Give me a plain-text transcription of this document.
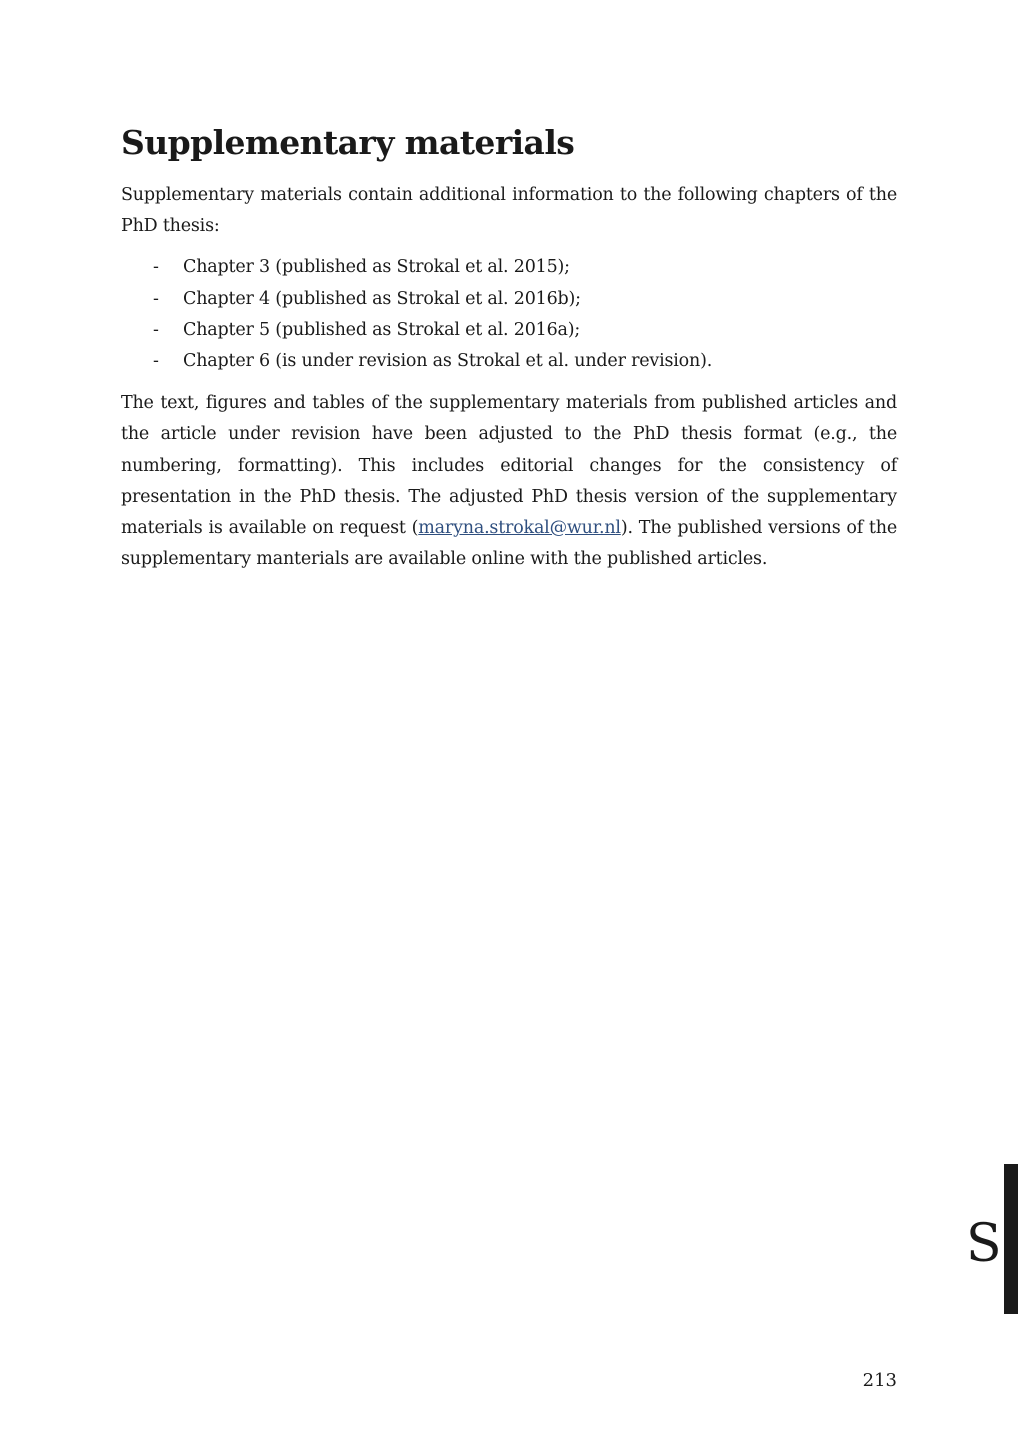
Supplementary materials

Supplementary materials contain additional information to the following chapters of the PhD thesis:

- Chapter 3 (published as Strokal et al. 2015);
- Chapter 4 (published as Strokal et al. 2016b);
- Chapter 5 (published as Strokal et al. 2016a);
- Chapter 6 (is under revision as Strokal et al. under revision).

The text, figures and tables of the supplementary materials from published articles and the article under revision have been adjusted to the PhD thesis format (e.g., the numbering, formatting). This includes editorial changes for the consistency of presentation in the PhD thesis. The adjusted PhD thesis version of the supplementary materials is available on request (maryna.strokal@wur.nl). The published versions of the supplementary manterials are available online with the published articles.

S
213
